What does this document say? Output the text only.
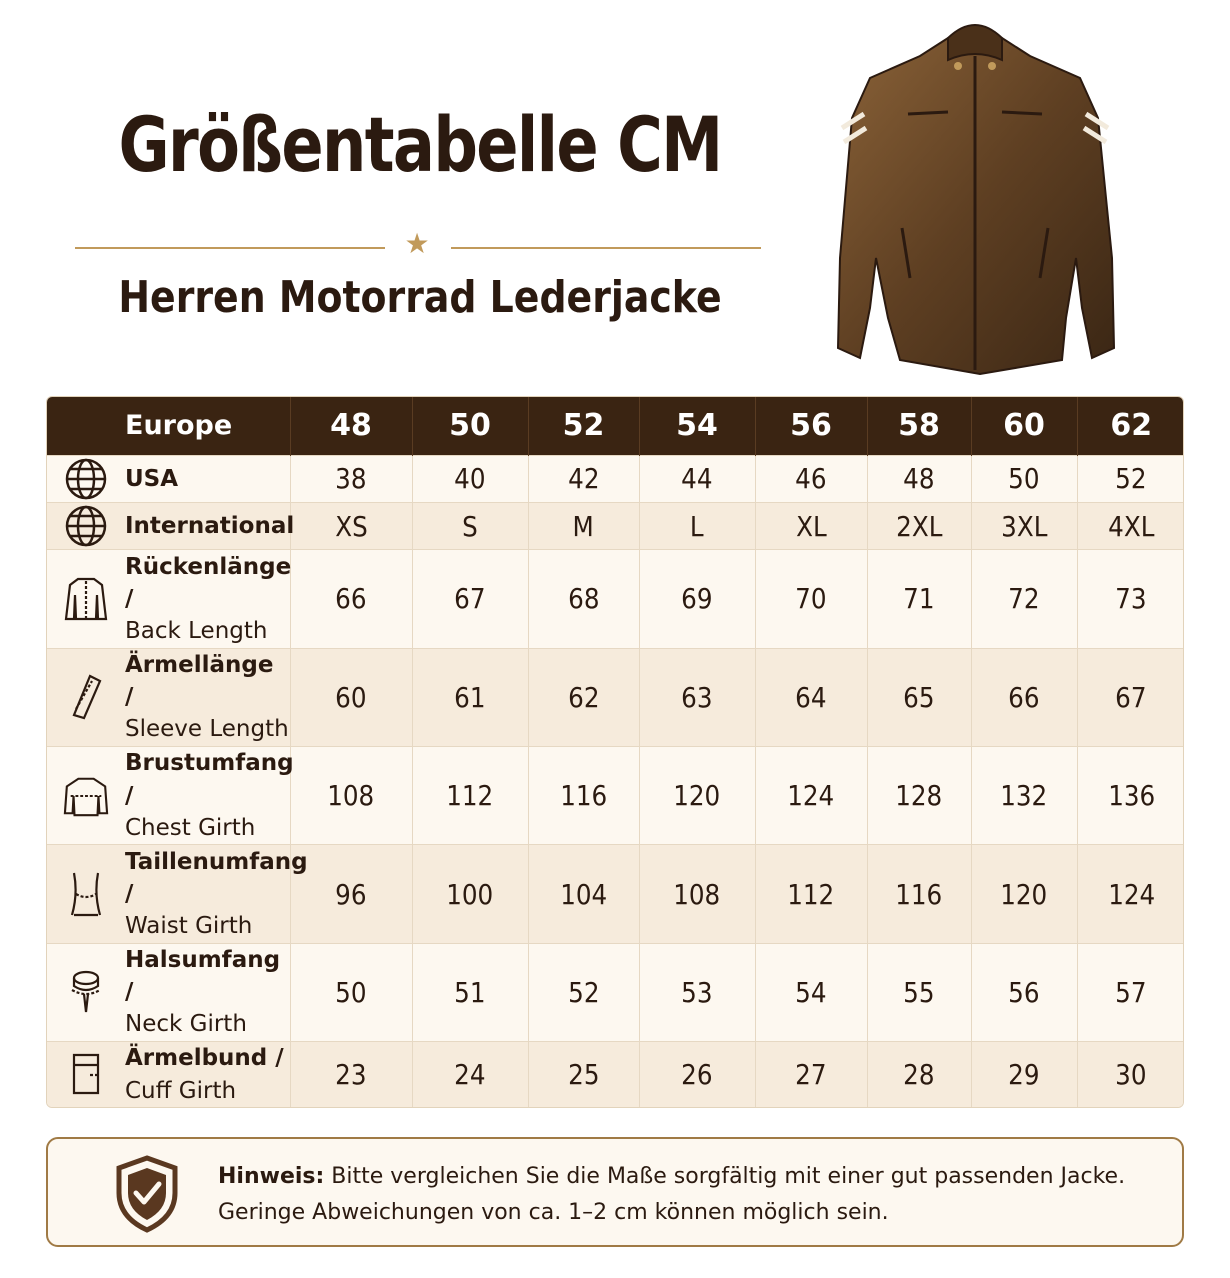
Größentabelle CM
★
Herren Motorrad Lederjacke
Europe	48	50	52	54	56	58	60	62

USA	38	40	42	44	46	48	50	52

International	XS	S	M	L	XL	2XL	3XL	4XL

Rückenlänge /
Back Length	66	67	68	69	70	71	72	73

Ärmellänge /
Sleeve Length	60	61	62	63	64	65	66	67

Brustumfang /
Chest Girth	108	112	116	120	124	128	132	136

Taillenumfang /
Waist Girth	96	100	104	108	112	116	120	124

Halsumfang /
Neck Girth	50	51	52	53	54	55	56	57

Ärmelbund /
Cuff Girth	23	24	25	26	27	28	29	30
Hinweis: Bitte vergleichen Sie die Maße sorgfältig mit einer gut passenden Jacke.
Geringe Abweichungen von ca. 1–2 cm können möglich sein.
